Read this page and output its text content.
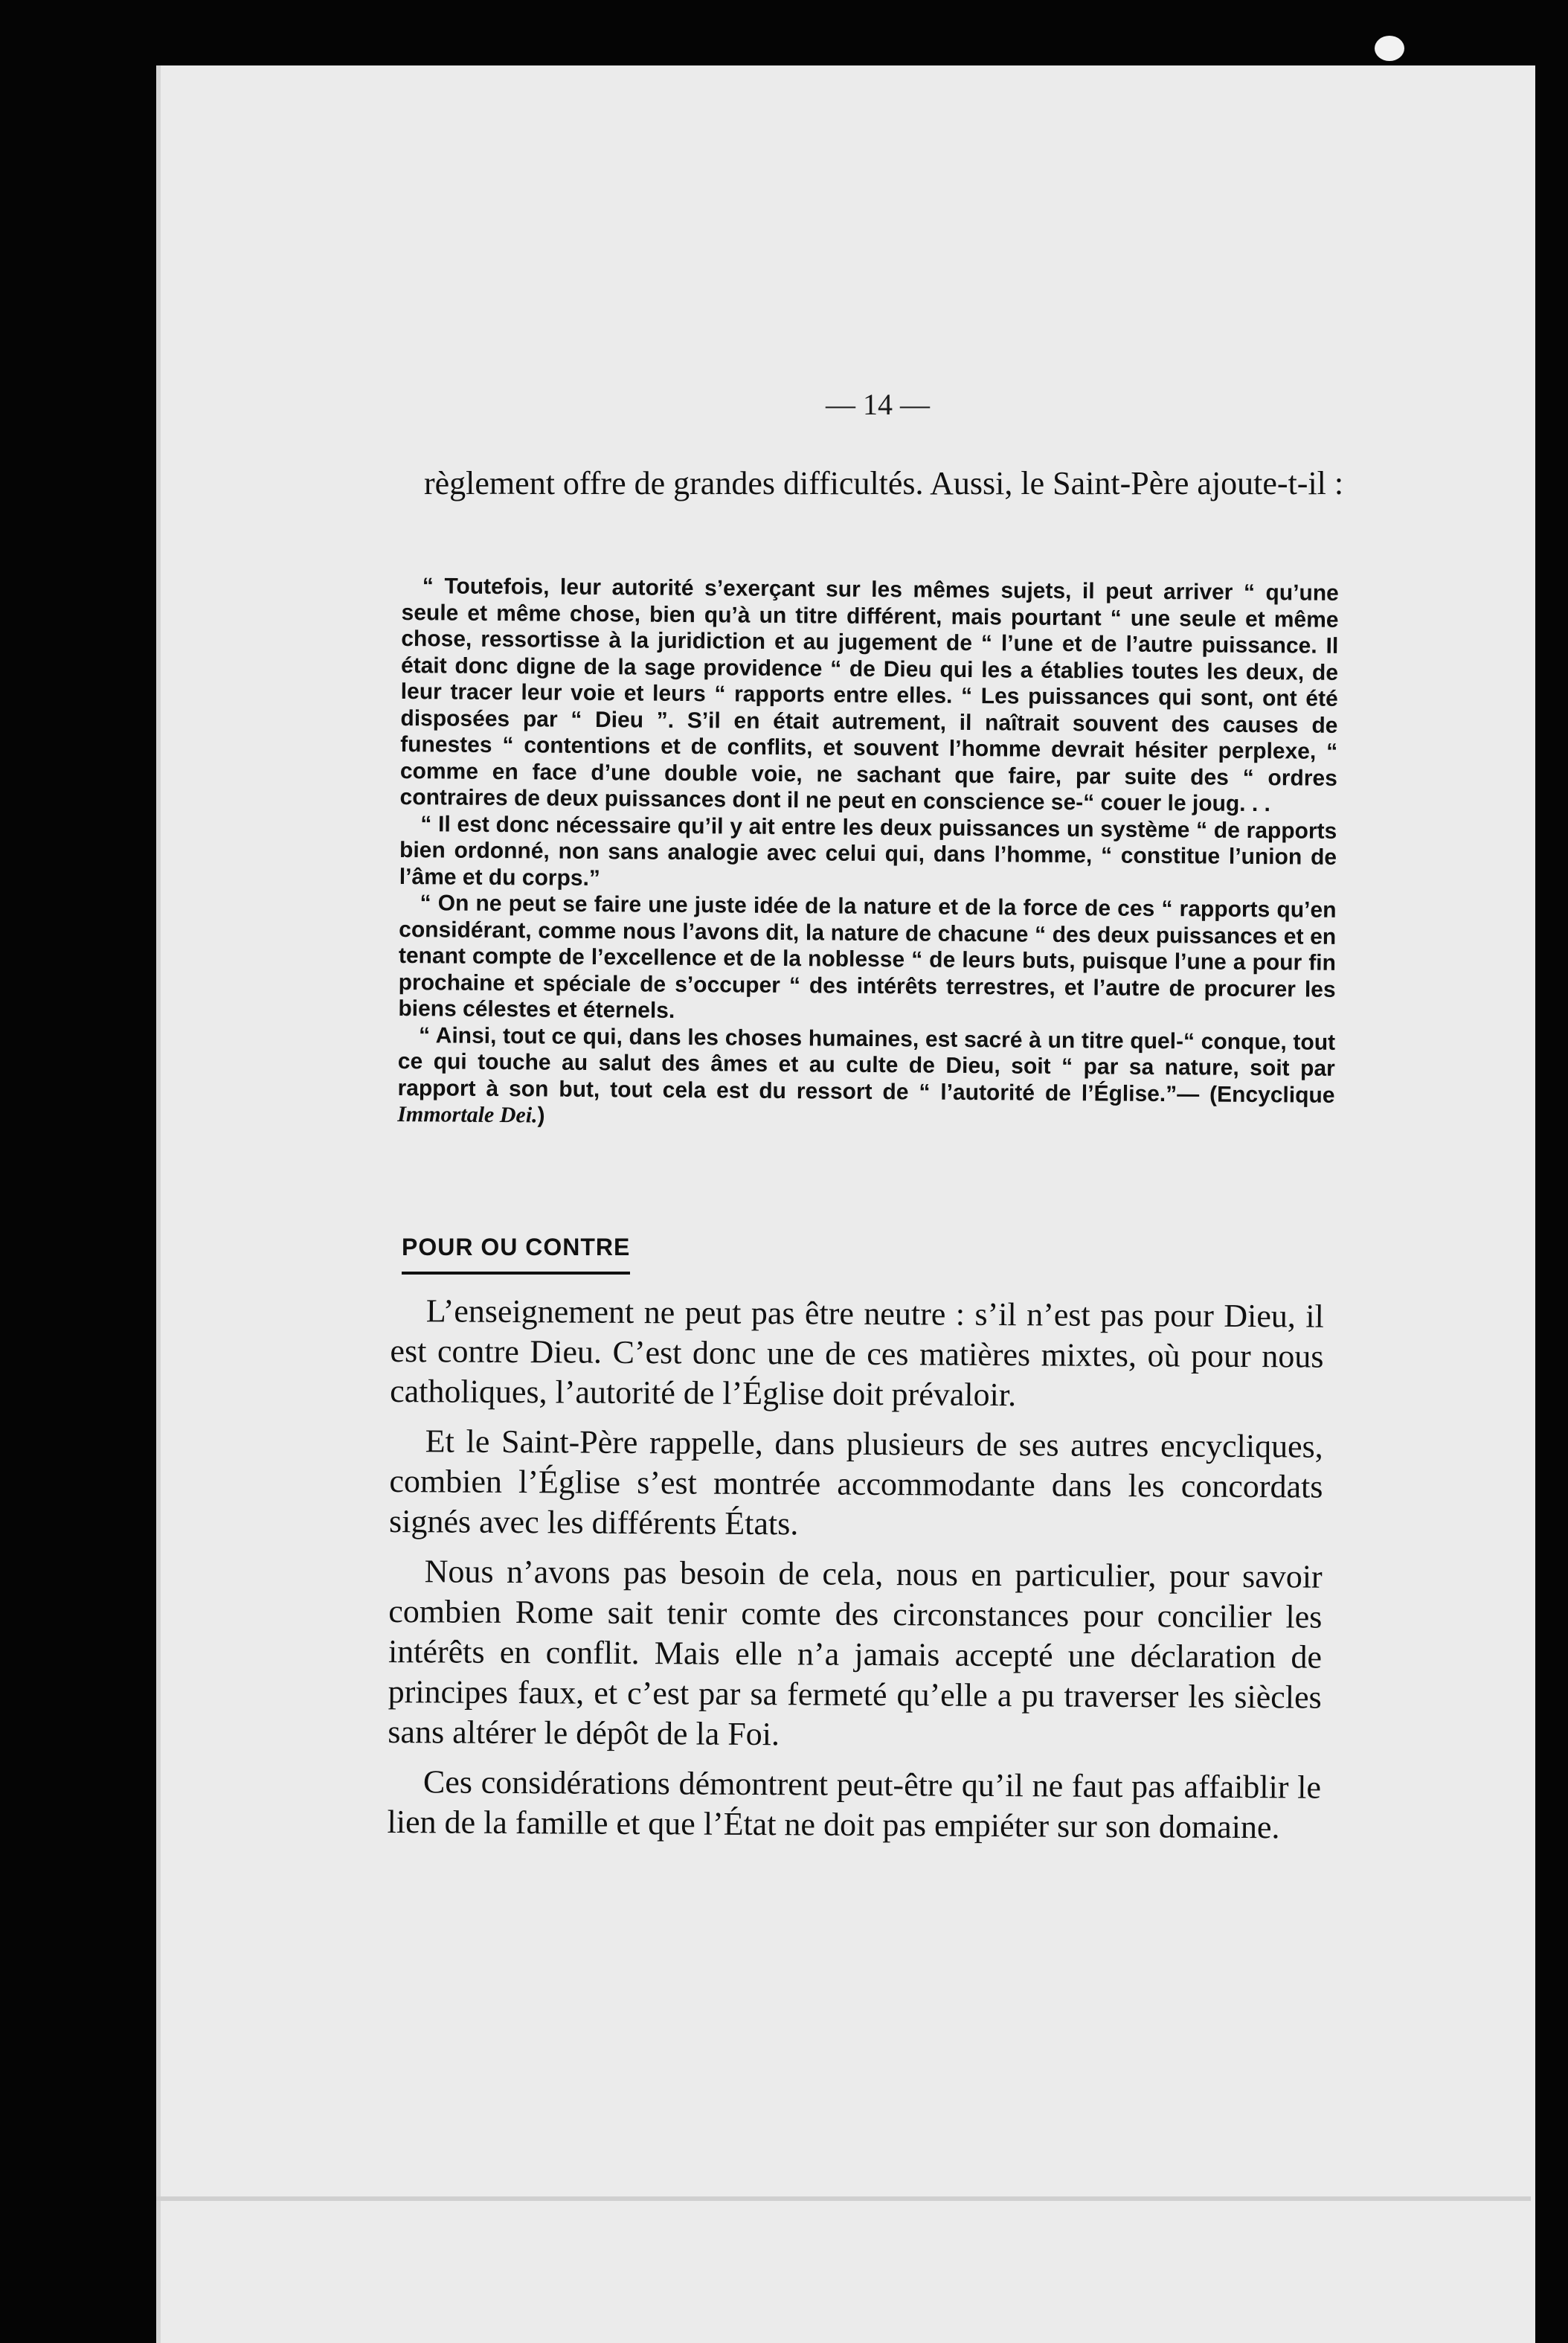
— 14 —
règlement offre de grandes difficultés. Aussi, le Saint-Père ajoute-t-il :

“ Toutefois, leur autorité s’exerçant sur les mêmes sujets, il peut arriver “ qu’une seule et même chose, bien qu’à un titre différent, mais pourtant “ une seule et même chose, ressortisse à la juridiction et au jugement de “ l’une et de l’autre puissance. Il était donc digne de la sage providence “ de Dieu qui les a établies toutes les deux, de leur tracer leur voie et leurs “ rapports entre elles. “ Les puissances qui sont, ont été disposées par “ Dieu ”. S’il en était autrement, il naîtrait souvent des causes de funestes “ contentions et de conflits, et souvent l’homme devrait hésiter perplexe, “ comme en face d’une double voie, ne sachant que faire, par suite des “ ordres contraires de deux puissances dont il ne peut en conscience se-“ couer le joug. . .

“ Il est donc nécessaire qu’il y ait entre les deux puissances un système “ de rapports bien ordonné, non sans analogie avec celui qui, dans l’homme, “ constitue l’union de l’âme et du corps.”

“ On ne peut se faire une juste idée de la nature et de la force de ces “ rapports qu’en considérant, comme nous l’avons dit, la nature de chacune “ des deux puissances et en tenant compte de l’excellence et de la noblesse “ de leurs buts, puisque l’une a pour fin prochaine et spéciale de s’occuper “ des intérêts terrestres, et l’autre de procurer les biens célestes et éternels.

“ Ainsi, tout ce qui, dans les choses humaines, est sacré à un titre quel-“ conque, tout ce qui touche au salut des âmes et au culte de Dieu, soit “ par sa nature, soit par rapport à son but, tout cela est du ressort de “ l’autorité de l’Église.”— (Encyclique Immortale Dei.)

POUR OU CONTRE

L’enseignement ne peut pas être neutre : s’il n’est pas pour Dieu, il est contre Dieu. C’est donc une de ces matières mixtes, où pour nous catholiques, l’autorité de l’Église doit prévaloir.

Et le Saint-Père rappelle, dans plusieurs de ses autres encycliques, combien l’Église s’est montrée accommodante dans les concordats signés avec les différents États.

Nous n’avons pas besoin de cela, nous en particulier, pour savoir combien Rome sait tenir comte des circonstances pour concilier les intérêts en conflit. Mais elle n’a jamais accepté une déclaration de principes faux, et c’est par sa fermeté qu’elle a pu traverser les siècles sans altérer le dépôt de la Foi.

Ces considérations démontrent peut-être qu’il ne faut pas affaiblir le lien de la famille et que l’État ne doit pas empiéter sur son domaine.
